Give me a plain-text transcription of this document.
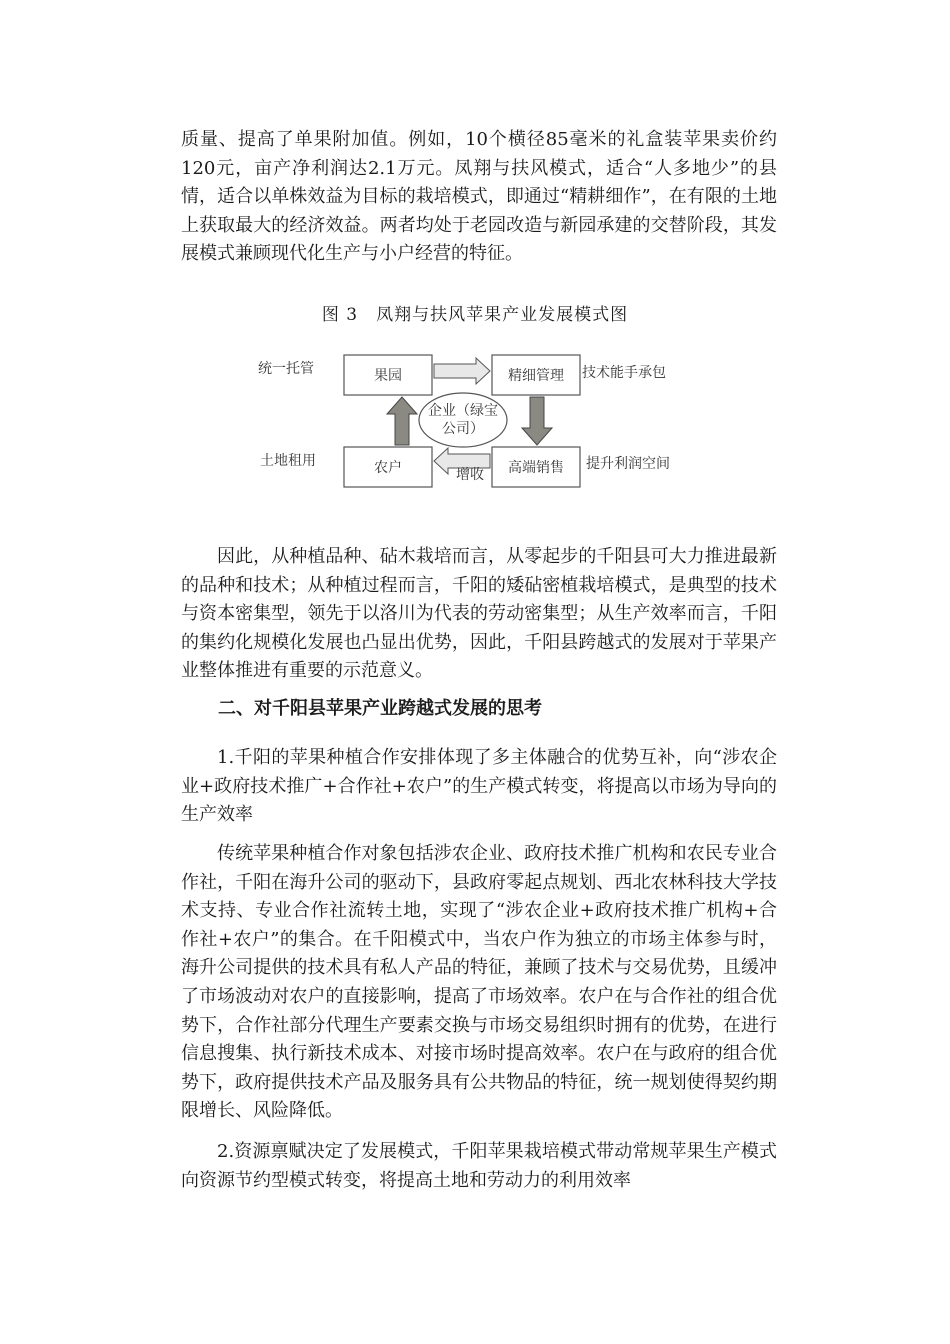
质量、提高了单果附加值。例如，10个横径85毫米的礼盒装苹果卖价约120元，亩产净利润达2.1万元。凤翔与扶风模式，适合“人多地少”的县情，适合以单株效益为目标的栽培模式，即通过“精耕细作”，在有限的土地上获取最大的经济效益。两者均处于老园改造与新园承建的交替阶段，其发展模式兼顾现代化生产与小户经营的特征。

图 3　凤翔与扶风苹果产业发展模式图

果园	精细管理
农户	高端销售
企业（绿宝
公司）
统一托管
土地租用
技术能手承包
提升利润空间
增收

因此，从种植品种、砧木栽培而言，从零起步的千阳县可大力推进最新的品种和技术；从种植过程而言，千阳的矮砧密植栽培模式，是典型的技术与资本密集型，领先于以洛川为代表的劳动密集型；从生产效率而言，千阳的集约化规模化发展也凸显出优势，因此，千阳县跨越式的发展对于苹果产业整体推进有重要的示范意义。

二、对千阳县苹果产业跨越式发展的思考

1.千阳的苹果种植合作安排体现了多主体融合的优势互补，向“涉农企业+政府技术推广+合作社+农户”的生产模式转变，将提高以市场为导向的生产效率

传统苹果种植合作对象包括涉农企业、政府技术推广机构和农民专业合作社，千阳在海升公司的驱动下，县政府零起点规划、西北农林科技大学技术支持、专业合作社流转土地，实现了“涉农企业+政府技术推广机构+合作社+农户”的集合。在千阳模式中，当农户作为独立的市场主体参与时，海升公司提供的技术具有私人产品的特征，兼顾了技术与交易优势，且缓冲了市场波动对农户的直接影响，提高了市场效率。农户在与合作社的组合优势下，合作社部分代理生产要素交换与市场交易组织时拥有的优势，在进行信息搜集、执行新技术成本、对接市场时提高效率。农户在与政府的组合优势下，政府提供技术产品及服务具有公共物品的特征，统一规划使得契约期限增长、风险降低。

2.资源禀赋决定了发展模式，千阳苹果栽培模式带动常规苹果生产模式向资源节约型模式转变，将提高土地和劳动力的利用效率
